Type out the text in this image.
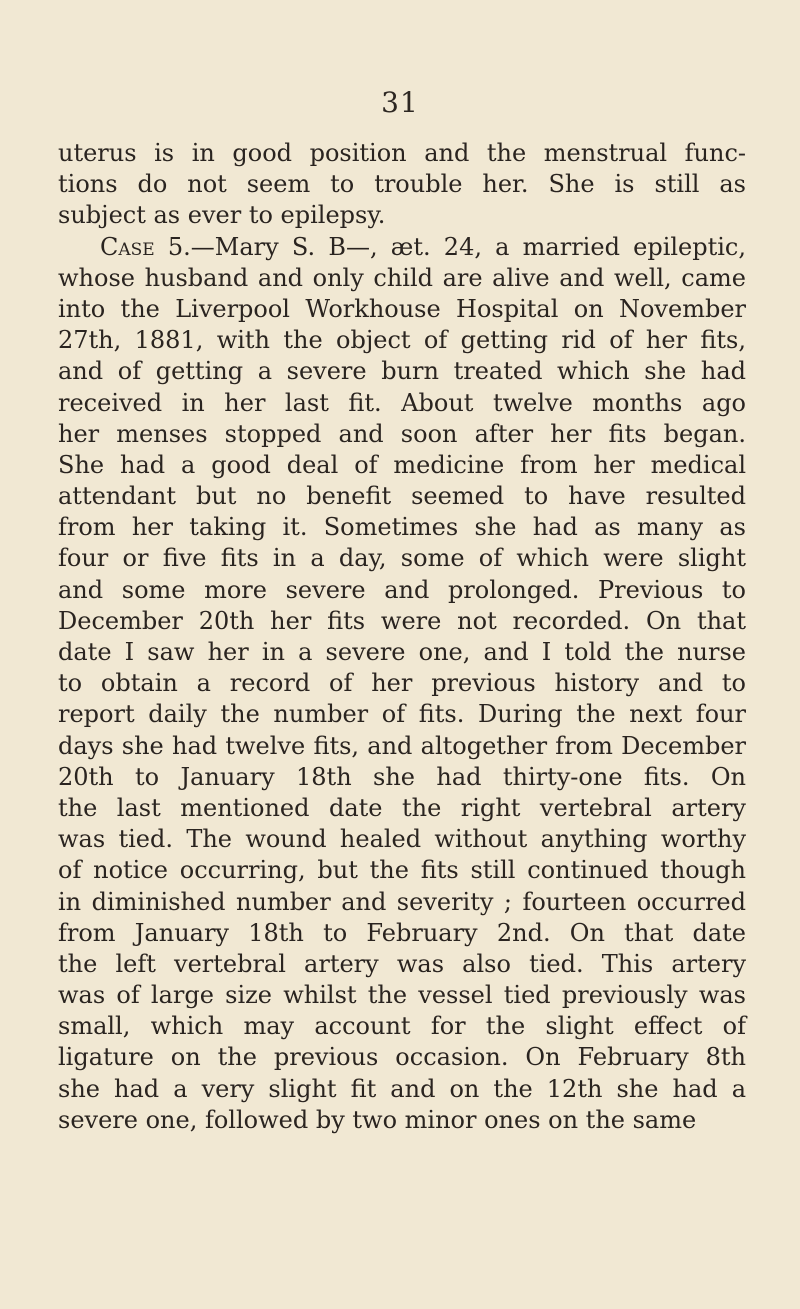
31
uterus is in good position and the menstrual func-
tions do not seem to trouble her. She is still as
subject as ever to epilepsy.
Case 5.—Mary S. B—, æt. 24, a married epileptic,
whose husband and only child are alive and well, came
into the Liverpool Workhouse Hospital on November
27th, 1881, with the object of getting rid of her fits,
and of getting a severe burn treated which she had
received in her last fit. About twelve months ago
her menses stopped and soon after her fits began.
She had a good deal of medicine from her medical
attendant but no benefit seemed to have resulted
from her taking it. Sometimes she had as many as
four or five fits in a day, some of which were slight
and some more severe and prolonged. Previous to
December 20th her fits were not recorded. On that
date I saw her in a severe one, and I told the nurse
to obtain a record of her previous history and to
report daily the number of fits. During the next four
days she had twelve fits, and altogether from December
20th to January 18th she had thirty-one fits. On
the last mentioned date the right vertebral artery
was tied. The wound healed without anything worthy
of notice occurring, but the fits still continued though
in diminished number and severity ; fourteen occurred
from January 18th to February 2nd. On that date
the left vertebral artery was also tied. This artery
was of large size whilst the vessel tied previously was
small, which may account for the slight effect of
ligature on the previous occasion. On February 8th
she had a very slight fit and on the 12th she had a
severe one, followed by two minor ones on the same
